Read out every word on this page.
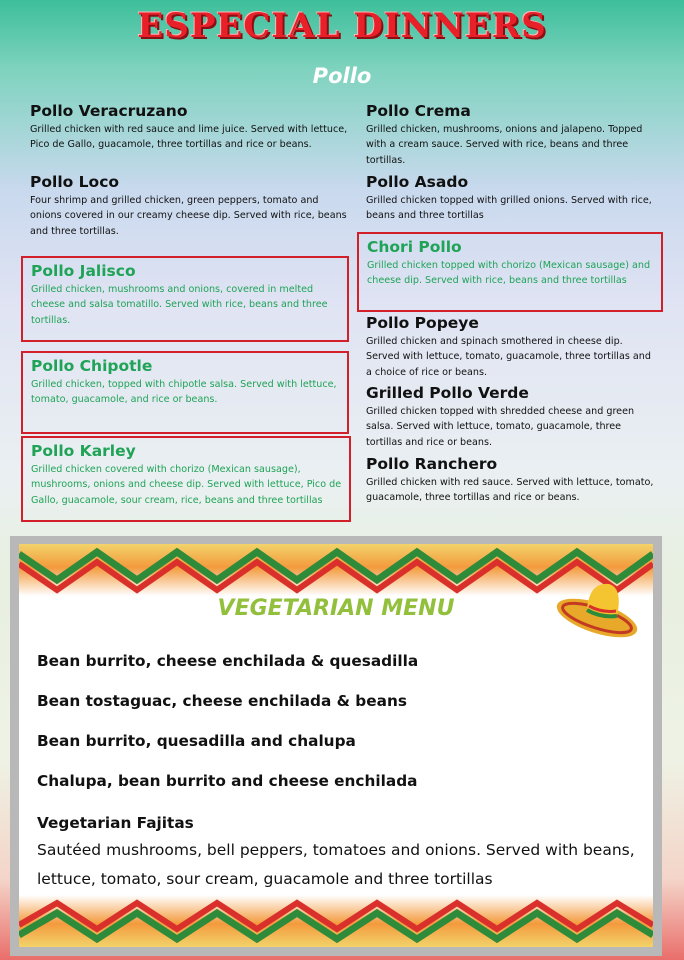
ESPECIAL DINNERS
Pollo
Pollo Veracruzano

Grilled chicken with red sauce and lime juice. Served with lettuce, Pico de Gallo, guacamole, three tortillas and rice or beans.

Pollo Loco

Four shrimp and grilled chicken, green peppers, tomato and onions covered in our creamy cheese dip. Served with rice, beans and three tortillas.

Pollo Jalisco

Grilled chicken, mushrooms and onions, covered in melted cheese and salsa tomatillo. Served with rice, beans and three tortillas.

Pollo Chipotle

Grilled chicken, topped with chipotle salsa. Served with lettuce, tomato, guacamole, and rice or beans.

Pollo Karley

Grilled chicken covered with chorizo (Mexican sausage), mushrooms, onions and cheese dip. Served with lettuce, Pico de Gallo, guacamole, sour cream, rice, beans and three tortillas

Pollo Crema

Grilled chicken, mushrooms, onions and jalapeno. Topped with a cream sauce. Served with rice, beans and three tortillas.

Pollo Asado

Grilled chicken topped with grilled onions. Served with rice, beans and three tortillas

Chori Pollo

Grilled chicken topped with chorizo (Mexican sausage) and cheese dip. Served with rice, beans and three tortillas

Pollo Popeye

Grilled chicken and spinach smothered in cheese dip. Served with lettuce, tomato, guacamole, three tortillas and a choice of rice or beans.

Grilled Pollo Verde

Grilled chicken topped with shredded cheese and green salsa. Served with lettuce, tomato, guacamole, three tortillas and rice or beans.

Pollo Ranchero

Grilled chicken with red sauce. Served with lettuce, tomato, guacamole, three tortillas and rice or beans.

VEGETARIAN MENU
Bean burrito, cheese enchilada & quesadilla
Bean tostaguac, cheese enchilada & beans
Bean burrito, quesadilla and chalupa
Chalupa, bean burrito and cheese enchilada
Vegetarian Fajitas

Sautéed mushrooms, bell peppers, tomatoes and onions. Served with beans, lettuce, tomato, sour cream, guacamole and three tortillas
